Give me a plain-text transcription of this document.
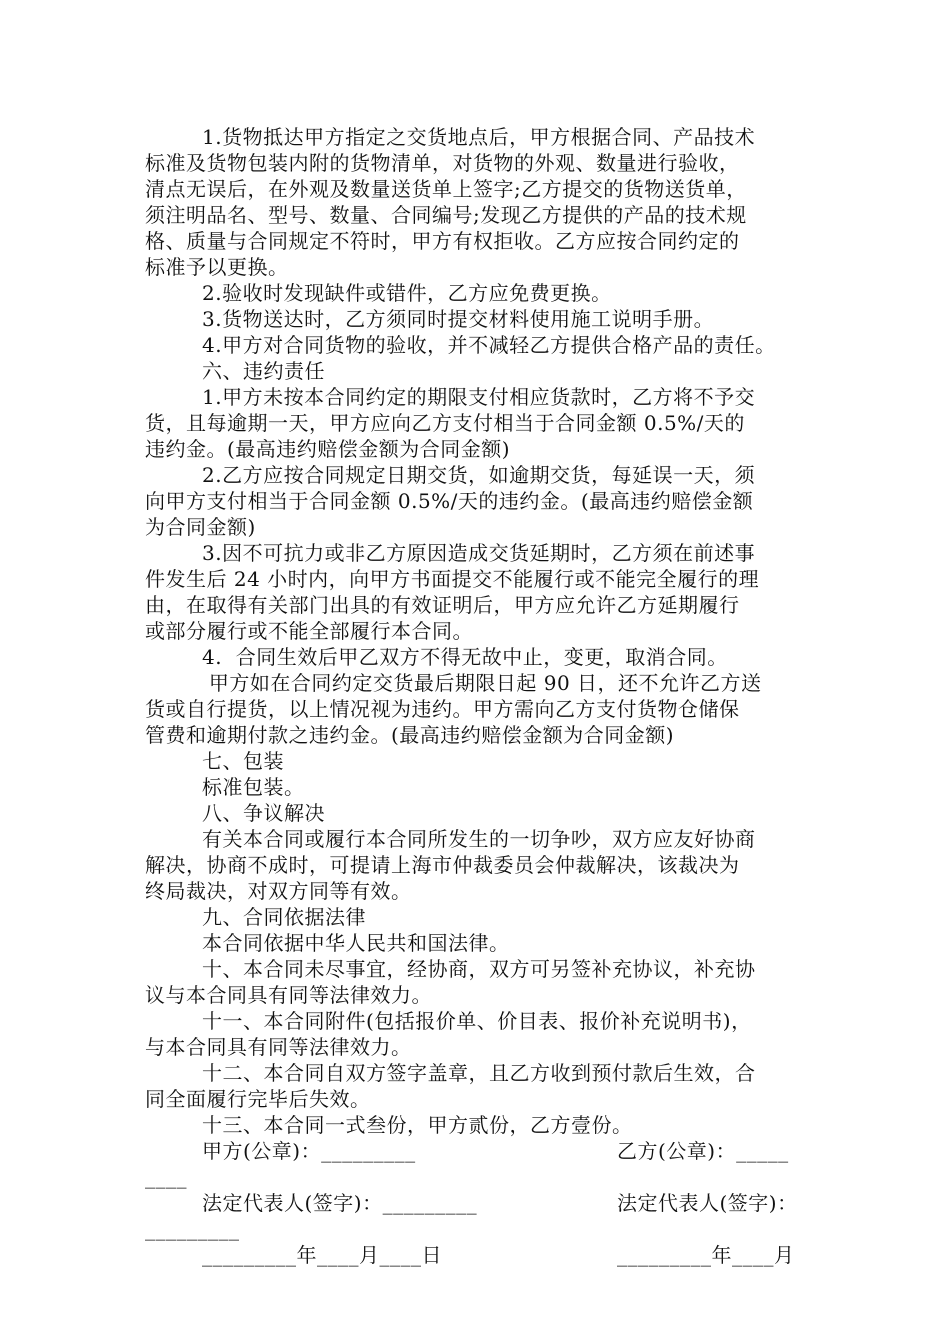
1.货物抵达甲方指定之交货地点后，甲方根据合同、产品技术
标准及货物包装内附的货物清单，对货物的外观、数量进行验收，
清点无误后，在外观及数量送货单上签字;乙方提交的货物送货单，
须注明品名、型号、数量、合同编号;发现乙方提供的产品的技术规
格、质量与合同规定不符时，甲方有权拒收。乙方应按合同约定的
标准予以更换。
2.验收时发现缺件或错件，乙方应免费更换。
3.货物送达时，乙方须同时提交材料使用施工说明手册。
4.甲方对合同货物的验收，并不减轻乙方提供合格产品的责任。
六、违约责任
1.甲方未按本合同约定的期限支付相应货款时，乙方将不予交
货，且每逾期一天，甲方应向乙方支付相当于合同金额 0.5%/天的
违约金。(最高违约赔偿金额为合同金额)
2.乙方应按合同规定日期交货，如逾期交货，每延误一天，须
向甲方支付相当于合同金额 0.5%/天的违约金。(最高违约赔偿金额
为合同金额)
3.因不可抗力或非乙方原因造成交货延期时，乙方须在前述事
件发生后 24 小时内，向甲方书面提交不能履行或不能完全履行的理
由，在取得有关部门出具的有效证明后，甲方应允许乙方延期履行
或部分履行或不能全部履行本合同。
4.  合同生效后甲乙双方不得无故中止，变更，取消合同。
甲方如在合同约定交货最后期限日起 90 日，还不允许乙方送
货或自行提货，以上情况视为违约。甲方需向乙方支付货物仓储保
管费和逾期付款之违约金。(最高违约赔偿金额为合同金额)
七、包装
标准包装。
八、争议解决
有关本合同或履行本合同所发生的一切争吵，双方应友好协商
解决，协商不成时，可提请上海市仲裁委员会仲裁解决，该裁决为
终局裁决，对双方同等有效。
九、合同依据法律
本合同依据中华人民共和国法律。
十、本合同未尽事宜，经协商，双方可另签补充协议，补充协
议与本合同具有同等法律效力。
十一、本合同附件(包括报价单、价目表、报价补充说明书)，
与本合同具有同等法律效力。
十二、本合同自双方签字盖章，且乙方收到预付款后生效，合
同全面履行完毕后失效。
十三、本合同一式叁份，甲方贰份，乙方壹份。
甲方(公章)：_________	乙方(公章)：_____
____
法定代表人(签字)：_________	法定代表人(签字)：
_________
_________年____月____日	_________年____月
